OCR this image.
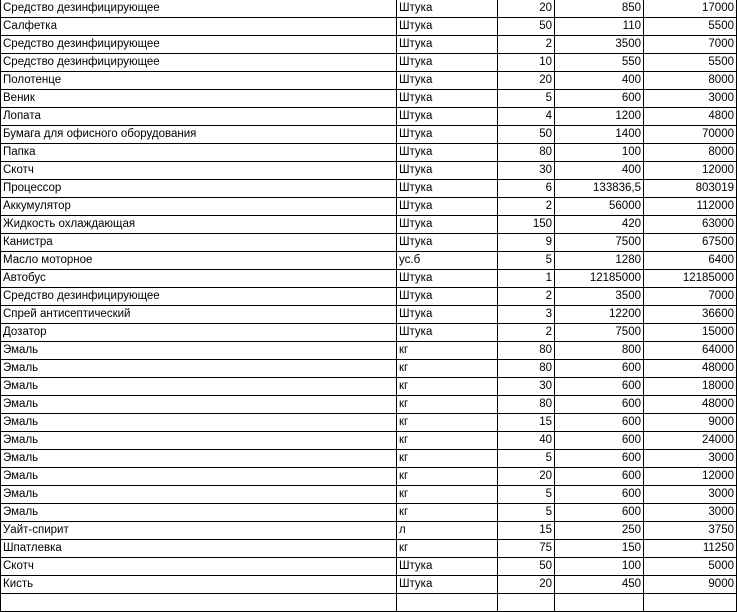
Средство дезинфицирующее	Штука	20	850	17000
Салфетка	Штука	50	110	5500
Средство дезинфицирующее	Штука	2	3500	7000
Средство дезинфицирующее	Штука	10	550	5500
Полотенце	Штука	20	400	8000
Веник	Штука	5	600	3000
Лопата	Штука	4	1200	4800
Бумага для офисного оборудования	Штука	50	1400	70000
Папка	Штука	80	100	8000
Скотч	Штука	30	400	12000
Процессор	Штука	6	133836,5	803019
Аккумулятор	Штука	2	56000	112000
Жидкость охлаждающая	Штука	150	420	63000
Канистра	Штука	9	7500	67500
Масло моторное	ус.б	5	1280	6400
Автобус	Штука	1	12185000	12185000
Средство дезинфицирующее	Штука	2	3500	7000
Спрей антисептический	Штука	3	12200	36600
Дозатор	Штука	2	7500	15000
Эмаль	кг	80	800	64000
Эмаль	кг	80	600	48000
Эмаль	кг	30	600	18000
Эмаль	кг	80	600	48000
Эмаль	кг	15	600	9000
Эмаль	кг	40	600	24000
Эмаль	кг	5	600	3000
Эмаль	кг	20	600	12000
Эмаль	кг	5	600	3000
Эмаль	кг	5	600	3000
Уайт-спирит	л	15	250	3750
Шпатлевка	кг	75	150	11250
Скотч	Штука	50	100	5000
Кисть	Штука	20	450	9000
